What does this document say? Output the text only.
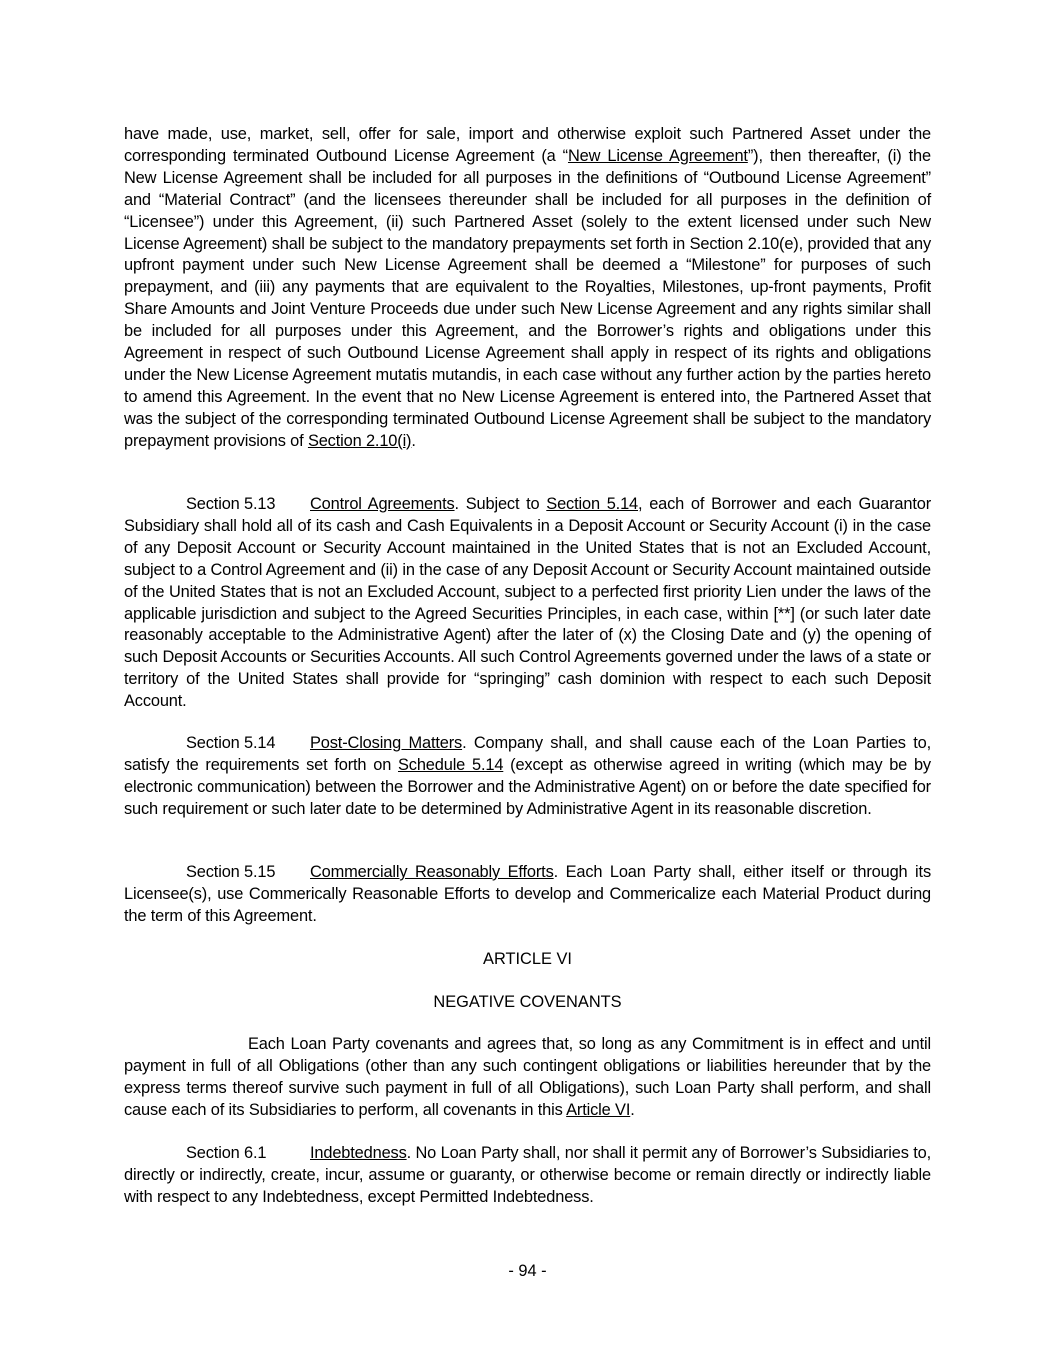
have made, use, market, sell, offer for sale, import and otherwise exploit such Partnered Asset under the corresponding terminated Outbound License Agreement (a “New License Agreement”), then thereafter, (i) the New License Agreement shall be included for all purposes in the definitions of “Outbound License Agreement” and “Material Contract” (and the licensees thereunder shall be included for all purposes in the definition of “Licensee”) under this Agreement, (ii) such Partnered Asset (solely to the extent licensed under such New License Agreement) shall be subject to the mandatory prepayments set forth in Section 2.10(e), provided that any upfront payment under such New License Agreement shall be deemed a “Milestone” for purposes of such prepayment, and (iii) any payments that are equivalent to the Royalties, Milestones, up-front payments, Profit Share Amounts and Joint Venture Proceeds due under such New License Agreement and any rights similar shall be included for all purposes under this Agreement, and the Borrower’s rights and obligations under this Agreement in respect of such Outbound License Agreement shall apply in respect of its rights and obligations under the New License Agreement mutatis mutandis, in each case without any further action by the parties hereto to amend this Agreement. In the event that no New License Agreement is entered into, the Partnered Asset that was the subject of the corresponding terminated Outbound License Agreement shall be subject to the mandatory prepayment provisions of Section 2.10(i).

Section 5.13 Control Agreements. Subject to Section 5.14, each of Borrower and each Guarantor Subsidiary shall hold all of its cash and Cash Equivalents in a Deposit Account or Security Account (i) in the case of any Deposit Account or Security Account maintained in the United States that is not an Excluded Account, subject to a Control Agreement and (ii) in the case of any Deposit Account or Security Account maintained outside of the United States that is not an Excluded Account, subject to a perfected first priority Lien under the laws of the applicable jurisdiction and subject to the Agreed Securities Principles, in each case, within [**] (or such later date reasonably acceptable to the Administrative Agent) after the later of (x) the Closing Date and (y) the opening of such Deposit Accounts or Securities Accounts. All such Control Agreements governed under the laws of a state or territory of the United States shall provide for “springing” cash dominion with respect to each such Deposit Account.

Section 5.14 Post-Closing Matters. Company shall, and shall cause each of the Loan Parties to, satisfy the requirements set forth on Schedule 5.14 (except as otherwise agreed in writing (which may be by electronic communication) between the Borrower and the Administrative Agent) on or before the date specified for such requirement or such later date to be determined by Administrative Agent in its reasonable discretion.

Section 5.15 Commercially Reasonably Efforts. Each Loan Party shall, either itself or through its Licensee(s), use Commerically Reasonable Efforts to develop and Commericalize each Material Product during the term of this Agreement.

ARTICLE VI

NEGATIVE COVENANTS

Each Loan Party covenants and agrees that, so long as any Commitment is in effect and until payment in full of all Obligations (other than any such contingent obligations or liabilities hereunder that by the express terms thereof survive such payment in full of all Obligations), such Loan Party shall perform, and shall cause each of its Subsidiaries to perform, all covenants in this Article VI.

Section 6.1	Indebtedness. No Loan Party shall, nor shall it permit any of Borrower’s Subsidiaries to, directly or indirectly, create, incur, assume or guaranty, or otherwise become or remain directly or indirectly liable with respect to any Indebtedness, except Permitted Indebtedness.

- 94 -
